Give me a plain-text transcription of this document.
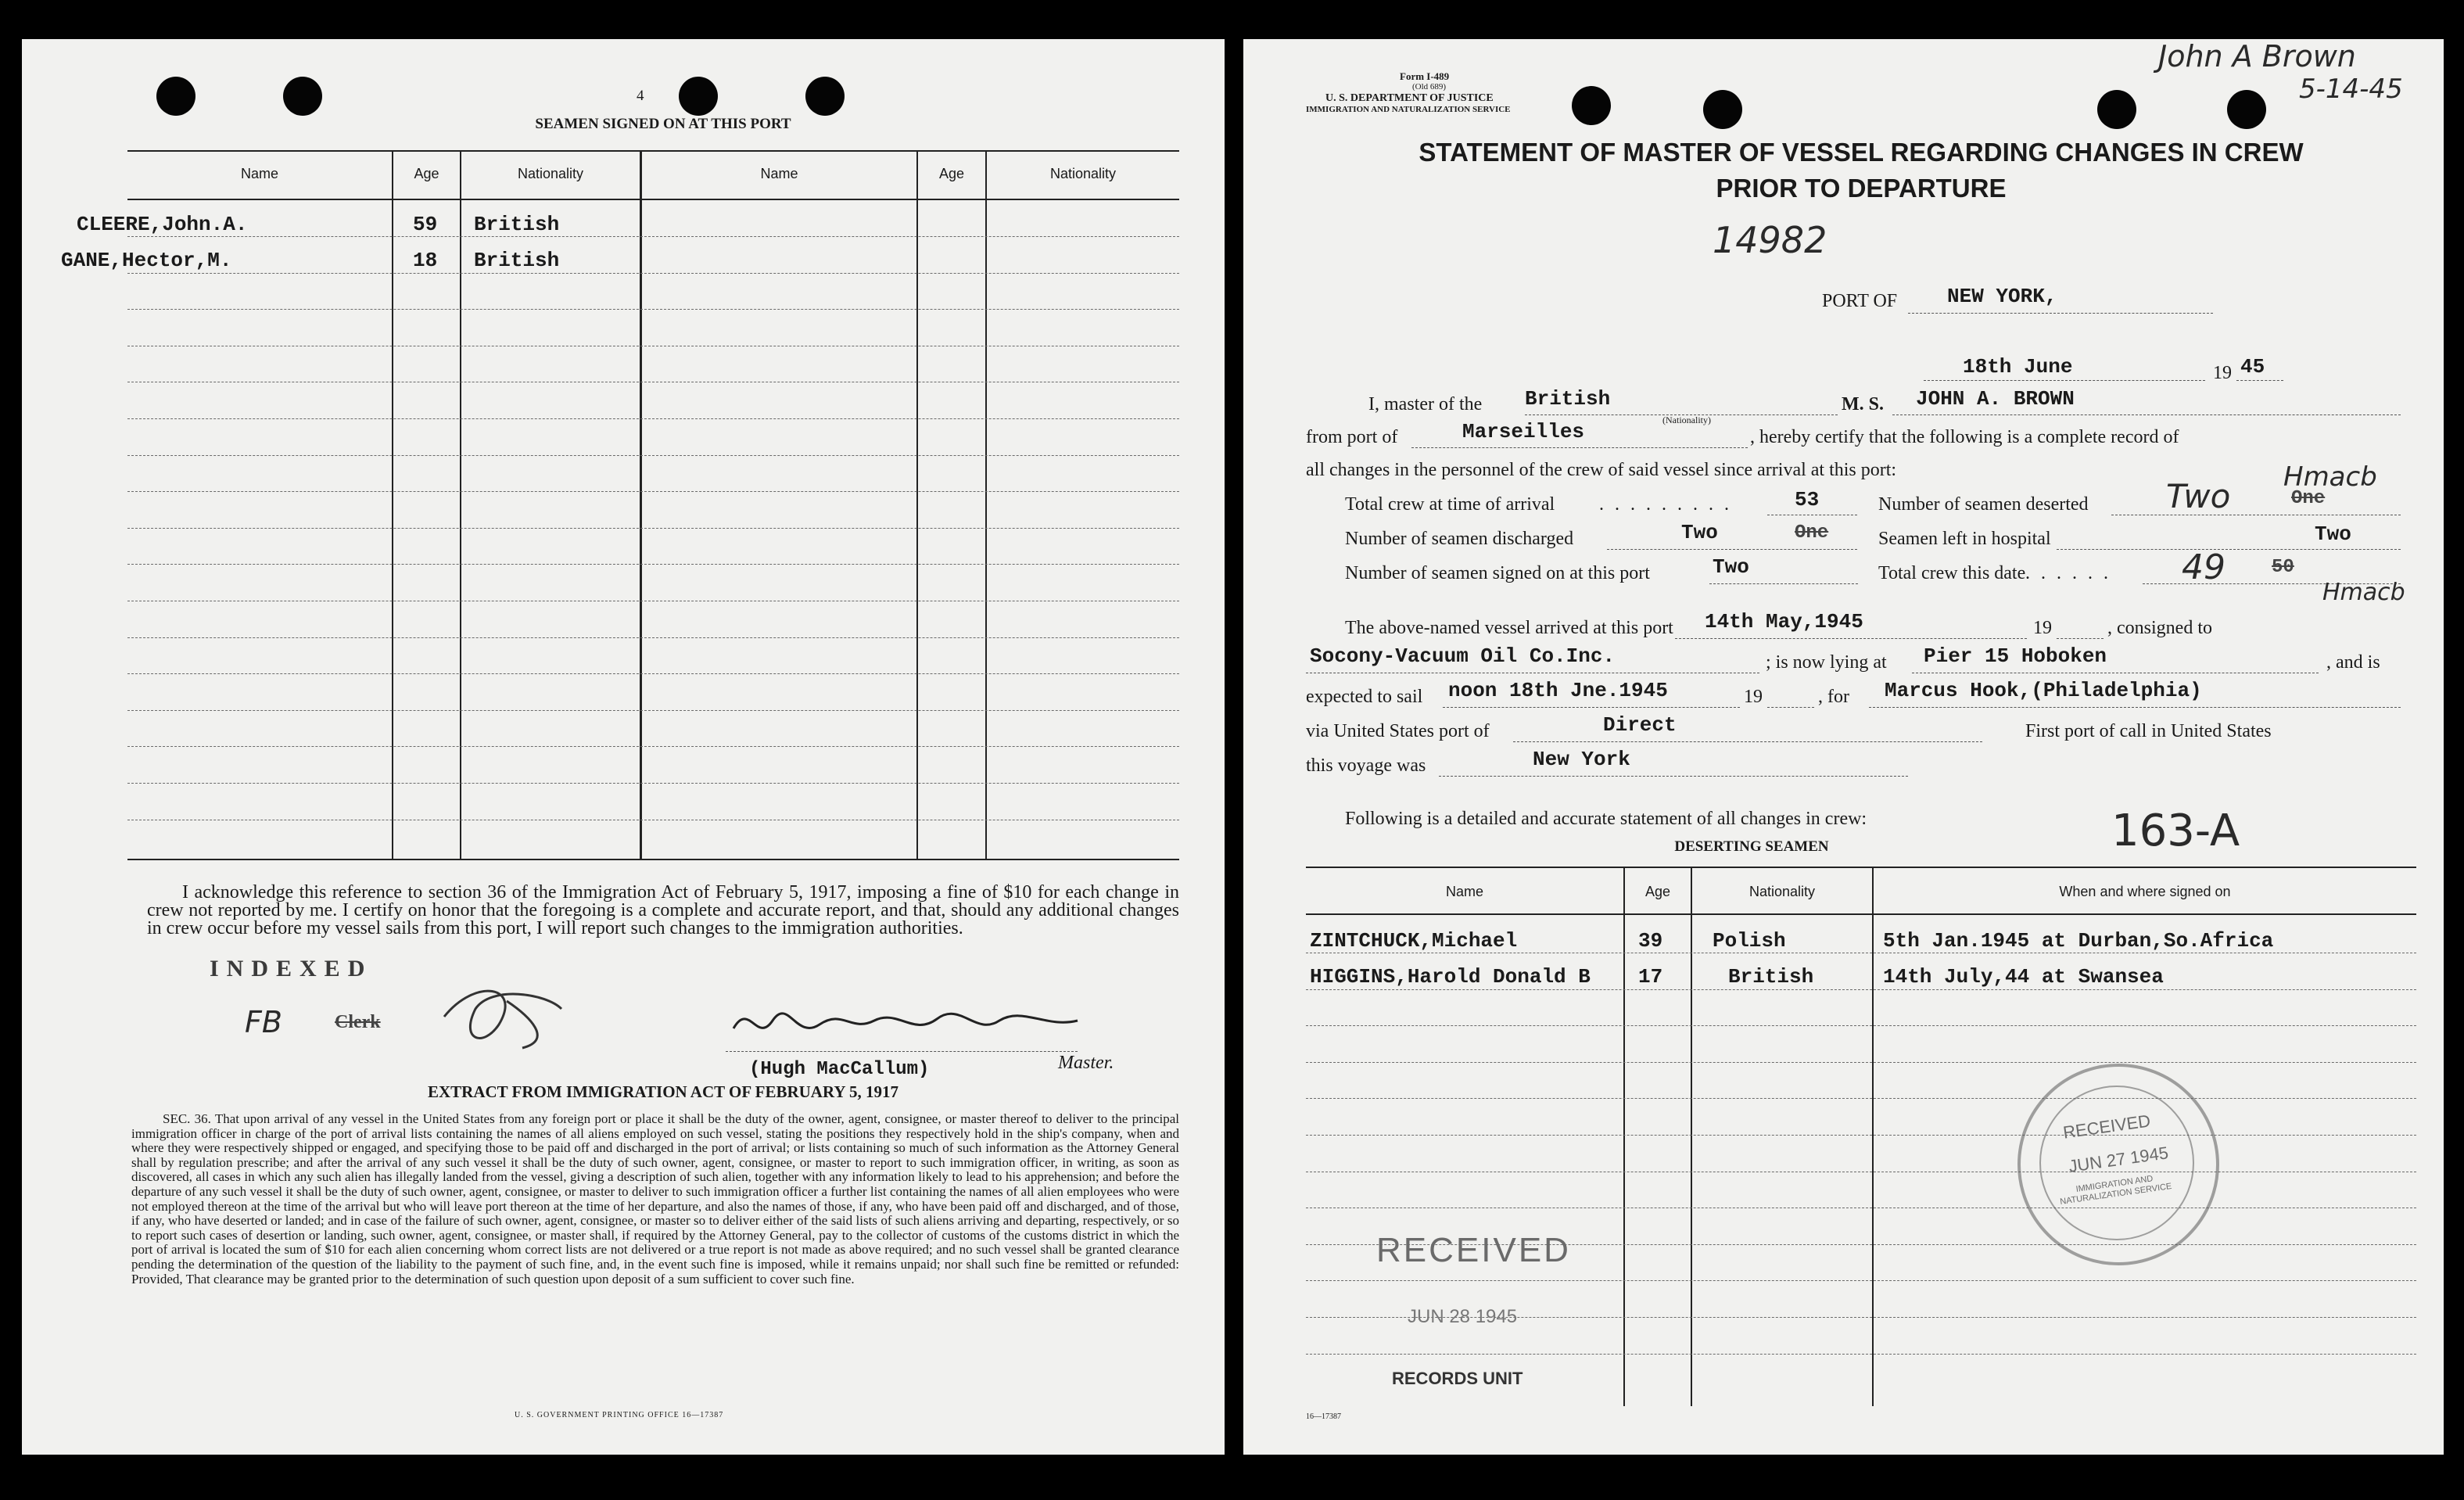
4
SEAMEN SIGNED ON AT THIS PORT
Name	Age	Nationality	Name	Age	Nationality
CLEERE,John.A.	59 British
GANE,Hector,M.	18 British
I acknowledge this reference to section 36 of the Immigration Act of February 5, 1917, imposing a fine of $10 for each change in crew not reported by me. I certify on honor that the foregoing is a complete and accurate report, and that, should any additional changes in crew occur before my vessel sails from this port, I will report such changes to the immigration authorities.
INDEXED
FB	Clerk
(Hugh MacCallum)	Master.
EXTRACT FROM IMMIGRATION ACT OF FEBRUARY 5, 1917
SEC. 36. That upon arrival of any vessel in the United States from any foreign port or place it shall be the duty of the owner, agent, consignee, or master thereof to deliver to the principal immigration officer in charge of the port of arrival lists containing the names of all aliens employed on such vessel, stating the positions they respectively hold in the ship's company, when and where they were respectively shipped or engaged, and specifying those to be paid off and discharged in the port of arrival; or lists containing so much of such information as the Attorney General shall by regulation prescribe; and after the arrival of any such vessel it shall be the duty of such owner, agent, consignee, or master to report to such immigration officer, in writing, as soon as discovered, all cases in which any such alien has illegally landed from the vessel, giving a description of such alien, together with any information likely to lead to his apprehension; and before the departure of any such vessel it shall be the duty of such owner, agent, consignee, or master to deliver to such immigration officer a further list containing the names of all alien employees who were not employed thereon at the time of the arrival but who will leave port thereon at the time of her departure, and also the names of those, if any, who have been paid off and discharged, and of those, if any, who have deserted or landed; and in case of the failure of such owner, agent, consignee, or master so to deliver either of the said lists of such aliens arriving and departing, respectively, or so to report such cases of desertion or landing, such owner, agent, consignee, or master shall, if required by the Attorney General, pay to the collector of customs of the customs district in which the port of arrival is located the sum of $10 for each alien concerning whom correct lists are not delivered or a true report is not made as above required; and no such vessel shall be granted clearance pending the determination of the question of the liability to the payment of such fine, and, in the event such fine is imposed, while it remains unpaid; nor shall such fine be remitted or refunded: Provided, That clearance may be granted prior to the determination of such question upon deposit of a sum sufficient to cover such fine.
U. S. GOVERNMENT PRINTING OFFICE 16—17387
Form I-489
(Old 689)
U. S. DEPARTMENT OF JUSTICE
IMMIGRATION AND NATURALIZATION SERVICE
John A Brown
5-14-45
STATEMENT OF MASTER OF VESSEL REGARDING CHANGES IN CREW
PRIOR TO DEPARTURE
14982
PORT OF NEW YORK,
18th June	19 45
I, master of the British	M. S. JOHN A. BROWN
from port of	Marseilles	(Nationality)
, hereby certify that the following is a complete record of
all changes in the personnel of the crew of said vessel since arrival at this port:
Total crew at time of arrival . . . . . . . . .	53	Number of seamen deserted Two	One
Hmacb
Number of seamen discharged	Two	One	Seamen left in hospital	Two
Number of seamen signed on at this port	Two	Total crew this date . . . . . . 49 50
Hmacb
The above-named vessel arrived at this port 14th May,1945	19	, consigned to
Socony-Vacuum Oil Co.Inc.	; is now lying at Pier 15 Hoboken	, and is
expected to sail noon 18th Jne.1945	19	, for Marcus Hook,(Philadelphia)
via United States port of	Direct	First port of call in United States
this voyage was	New York
Following is a detailed and accurate statement of all changes in crew:	163-A
DESERTING SEAMEN
Name	Age	Nationality	When and where signed on
ZINTCHUCK,Michael	39 Polish	5th Jan.1945 at Durban,So.Africa
HIGGINS,Harold Donald B 17	British	14th July,44 at Swansea
RECEIVED
JUN 28 1945
RECORDS UNIT
RECEIVED
JUN 27 1945
IMMIGRATION AND NATURALIZATION SERVICE
16—17387
